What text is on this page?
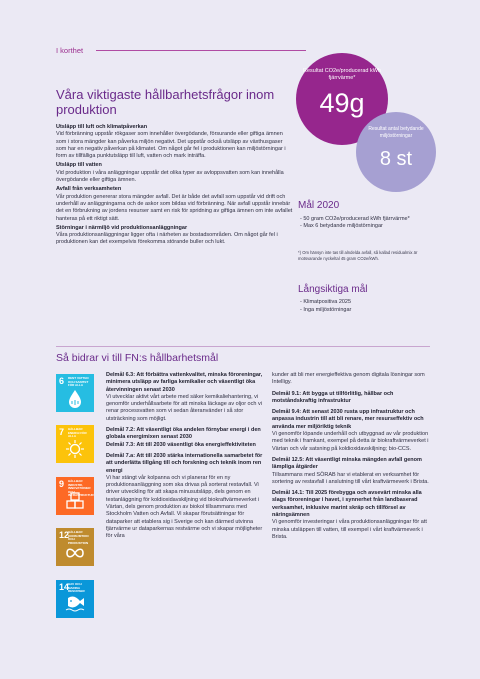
I korthet
Våra viktigaste hållbarhetsfrågor inom produktion
Utsläpp till luft och klimatpåverkan

Vid förbränning uppstår rökgaser som innehåller övergödande, försurande eller giftiga ämnen som i stora mängder kan påverka miljön negativt. Det uppstår också utsläpp av växthusgaser som har en negativ påverkan på klimatet. Om något går fel i produktionen kan miljöstörningar i form av tillfälliga punktutsläpp till luft, vatten och mark inträffa.

Utsläpp till vatten

Vid produktion i våra anläggningar uppstår det olika typer av avloppsvatten som kan innehålla övergödande eller giftiga ämnen.

Avfall från verksamheten

Vår produktion genererar stora mängder avfall. Det är både det avfall som uppstår vid drift och underhåll av anläggningarna och de askor som bildas vid förbränning. När avfall uppstår innebär det en förbrukning av jordens resurser samt en risk för spridning av giftiga ämnen om inte avfallet hanteras på ett riktigt sätt.

Störningar i närmiljö vid produktionsanläggningar

Våra produktionsanläggningar ligger ofta i närheten av bostadsområden. Om något går fel i produktionen kan det exempelvis förekomma störande buller och lukt.

Resultat CO2e/producerad kWh fjärrvärme*
49g
Resultat antal betydande miljöstörningar
8 st
Mål 2020
- 50 gram CO2e/producerad kWh fjärrvärme*
- Max 6 betydande miljöstörningar
*) Om hänsyn inte tas till alndelda avfall, så kallad residualmix är motsvarande nyckeltal 45 gram CO2e/kWh.
Långsiktiga mål
- Klimatpositiva 2025
- Inga miljöstörningar
Så bidrar vi till FN:s hållbarhetsmål
6 RENT VATTEN OCH SANITET FÖR ALLA
7 HÅLLBAR ENERGI FÖR ALLA
9 HÅLLBAR INDUSTRI, INNOVATIONER OCH INFRASTRUKTUR
12
HÅLLBAR KONSUMTION OCH PRODUKTION
14
HAV OCH MARINA RESURSER
Delmål 6.3: Att förbättra vattenkvalitet, minska föroreningar, minimera utsläpp av farliga kemikalier och väsentligt öka återvinningen senast 2030

Vi utvecklar aktivt vårt arbete med säker kemikaliehantering, vi genomför underhållsarbete för att minska läckage av oljor och vi renar processvatten som vi sedan återanvänder i så stor utsträckning som möjligt.

Delmål 7.2: Att väsentligt öka andelen förnybar energi i den globala energimixen senast 2030
Delmål 7.3: Att till 2030 väsentligt öka energieffektiviteten
Delmål 7.a: Att till 2030 stärka internationella samarbetet för att underlätta tillgång till och forskning och teknik inom ren energi

Vi har stängt vår kolpanna och vi planerar för en ny produktionsanläggning som ska drivas på sorterat restavfall. Vi driver utveckling för att skapa minusutsläpp, dels genom en testanläggning för koldioxidavskiljning vid biokraftvärmeverket i Värtan, dels genom produktion av biokol tillsammans med Stockholm Vatten och Avfall. Vi skapar förutsättningar för dataparker att etablera sig i Sverige och kan därmed utvinna fjärrvärme ur dataparkernas restvärme och vi skapar möjligheter för våra

kunder att bli mer energieffektiva genom digitala lösningar som Intelligy.

Delmål 9.1: Att bygga ut tillförlitlig, hållbar och motståndskraftig infrastruktur
Delmål 9.4: Att senast 2030 rusta upp infrastruktur och anpassa industrin till att bli renare, mer resurseffektiv och använda mer miljöriktig teknik

Vi genomför löpande underhåll och utbyggnad av vår produktion med teknik i framkant, exempel på detta är biokraftvärmeverket i Värtan och vår satsning på koldioxidavskiljning; bio-CCS.

Delmål 12.5: Att väsentligt minska mängden avfall genom lämpliga åtgärder

Tillsammans med SÖRAB har vi etablerat en verksamhet för sortering av restavfall i anslutning till vårt kraftvärmeverk i Brista.

Delmål 14.1: Till 2025 förebygga och avsevärt minska alla slags föroreningar i havet, i synnerhet från landbaserad verksamhet, inklusive marint skräp och tillförsel av näringsämnen

Vi genomför investeringar i våra produktionsanläggningar för att minska utsläppen till vatten, till exempel i vårt kraftvärmeverk i Brista.
